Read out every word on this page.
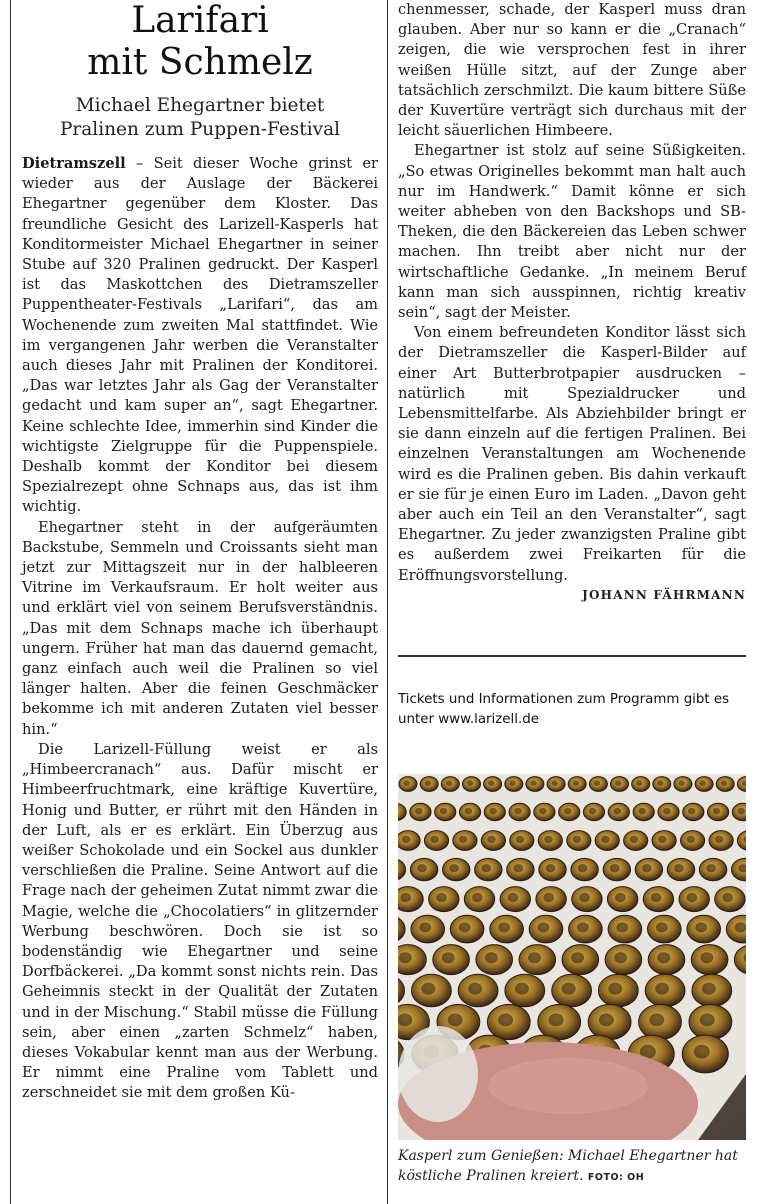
Larifari
mit Schmelz
Michael Ehegartner bietet
Pralinen zum Puppen-Festival

Dietramszell – Seit dieser Woche grinst er wieder aus der Auslage der Bäckerei Ehegartner gegenüber dem Kloster. Das freundliche Gesicht des Larizell-Kasperls hat Konditormeister Michael Ehegartner in seiner Stube auf 320 Pralinen gedruckt. Der Kasperl ist das Maskottchen des Dietramszeller Puppentheater-Festivals „Larifari“, das am Wochenende zum zweiten Mal stattfindet. Wie im vergangenen Jahr werben die Veranstalter auch dieses Jahr mit Pralinen der Konditorei. „Das war letztes Jahr als Gag der Veranstalter gedacht und kam super an“, sagt Ehegartner. Keine schlechte Idee, immerhin sind Kinder die wichtigste Zielgruppe für die Puppenspiele. Deshalb kommt der Konditor bei diesem Spezialrezept ohne Schnaps aus, das ist ihm wichtig.

Ehegartner steht in der aufgeräumten Backstube, Semmeln und Croissants sieht man jetzt zur Mittagszeit nur in der halbleeren Vitrine im Verkaufsraum. Er holt weiter aus und erklärt viel von seinem Berufsverständnis. „Das mit dem Schnaps mache ich überhaupt ungern. Früher hat man das dauernd gemacht, ganz einfach auch weil die Pralinen so viel länger halten. Aber die feinen Geschmäcker bekomme ich mit anderen Zutaten viel besser hin.“

Die Larizell-Füllung weist er als „Himbeercranach“ aus. Dafür mischt er Himbeerfruchtmark, eine kräftige Kuvertüre, Honig und Butter, er rührt mit den Händen in der Luft, als er es erklärt. Ein Überzug aus weißer Schokolade und ein Sockel aus dunkler verschließen die Praline. Seine Antwort auf die Frage nach der geheimen Zutat nimmt zwar die Magie, welche die „Chocolatiers“ in glitzernder Werbung beschwören. Doch sie ist so bodenständig wie Ehegartner und seine Dorfbäckerei. „Da kommt sonst nichts rein. Das Geheimnis steckt in der Qualität der Zutaten und in der Mischung.“ Stabil müsse die Füllung sein, aber einen „zarten Schmelz“ haben, dieses Vokabular kennt man aus der Werbung. Er nimmt eine Praline vom Tablett und zerschneidet sie mit dem großen Kü-

chenmesser, schade, der Kasperl muss dran glauben. Aber nur so kann er die „Cranach“ zeigen, die wie versprochen fest in ihrer weißen Hülle sitzt, auf der Zunge aber tatsächlich zerschmilzt. Die kaum bittere Süße der Kuvertüre verträgt sich durchaus mit der leicht säuerlichen Himbeere.

Ehegartner ist stolz auf seine Süßigkeiten. „So etwas Originelles bekommt man halt auch nur im Handwerk.“ Damit könne er sich weiter abheben von den Backshops und SB-Theken, die den Bäckereien das Leben schwer machen. Ihn treibt aber nicht nur der wirtschaftliche Gedanke. „In meinem Beruf kann man sich ausspinnen, richtig kreativ sein“, sagt der Meister.

Von einem befreundeten Konditor lässt sich der Dietramszeller die Kasperl-Bilder auf einer Art Butterbrotpapier ausdrucken – natürlich mit Spezialdrucker und Lebensmittelfarbe. Als Abziehbilder bringt er sie dann einzeln auf die fertigen Pralinen. Bei einzelnen Veranstaltungen am Wochenende wird es die Pralinen geben. Bis dahin verkauft er sie für je einen Euro im Laden. „Davon geht aber auch ein Teil an den Veranstalter“, sagt Ehegartner. Zu jeder zwanzigsten Praline gibt es außerdem zwei Freikarten für die Eröffnungsvorstellung.

JOHANN FÄHRMANN
Tickets und Informationen zum Programm gibt es unter www.larizell.de
Kasperl zum Genießen: Michael Ehegartner hat köstliche Pralinen kreiert. FOTO: OH
